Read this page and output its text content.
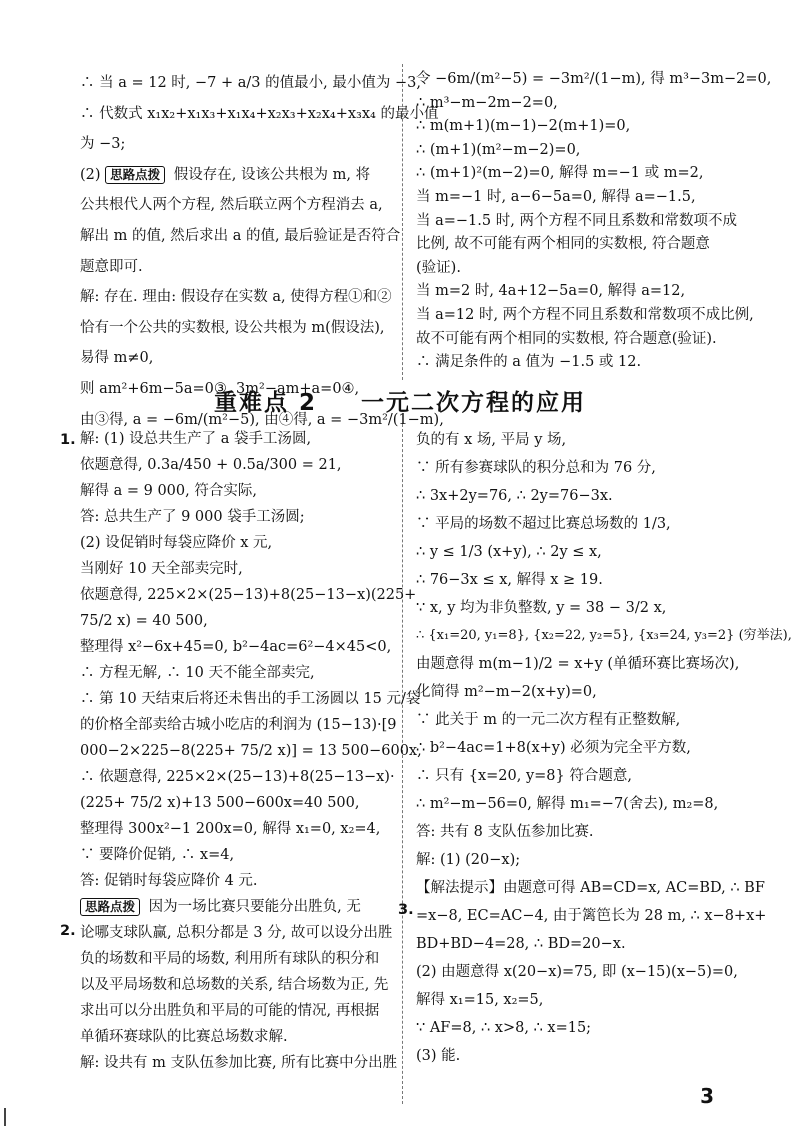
∴ 当 a = 12 时, −7 + a/3 的值最小, 最小值为 −3,
∴ 代数式 x₁x₂+x₁x₃+x₁x₄+x₂x₃+x₂x₄+x₃x₄ 的最小值
为 −3;
(2) 思路点拨 假设存在, 设该公共根为 m, 将
公共根代人两个方程, 然后联立两个方程消去 a,
解出 m 的值, 然后求出 a 的值, 最后验证是否符合
题意即可.
解: 存在. 理由: 假设存在实数 a, 使得方程①和②
恰有一个公共的实数根, 设公共根为 m(假设法),
易得 m≠0,
则 am²+6m−5a=0③, 3m²−am+a=0④,
由③得, a = −6m/(m²−5), 由④得, a = −3m²/(1−m),
令 −6m/(m²−5) = −3m²/(1−m), 得 m³−3m−2=0,
∴ m³−m−2m−2=0,
∴ m(m+1)(m−1)−2(m+1)=0,
∴ (m+1)(m²−m−2)=0,
∴ (m+1)²(m−2)=0, 解得 m=−1 或 m=2,
当 m=−1 时, a−6−5a=0, 解得 a=−1.5,
当 a=−1.5 时, 两个方程不同且系数和常数项不成
比例, 故不可能有两个相同的实数根, 符合题意
(验证).
当 m=2 时, 4a+12−5a=0, 解得 a=12,
当 a=12 时, 两个方程不同且系数和常数项不成比例,
故不可能有两个相同的实数根, 符合题意(验证).
∴ 满足条件的 a 值为 −1.5 或 12.
重难点 2 一元二次方程的应用
1.
2.
3.
解: (1) 设总共生产了 a 袋手工汤圆,
依题意得, 0.3a/450 + 0.5a/300 = 21,
解得 a = 9 000, 符合实际,
答: 总共生产了 9 000 袋手工汤圆;
(2) 设促销时每袋应降价 x 元,
当刚好 10 天全部卖完时,
依题意得, 225×2×(25−13)+8(25−13−x)(225+
75/2 x) = 40 500,
整理得 x²−6x+45=0, b²−4ac=6²−4×45<0,
∴ 方程无解, ∴ 10 天不能全部卖完,
∴ 第 10 天结束后将还未售出的手工汤圆以 15 元/袋
的价格全部卖给古城小吃店的利润为 (15−13)·[9
000−2×225−8(225+ 75/2 x)] = 13 500−600x,
∴ 依题意得, 225×2×(25−13)+8(25−13−x)·
(225+ 75/2 x)+13 500−600x=40 500,
整理得 300x²−1 200x=0, 解得 x₁=0, x₂=4,
∵ 要降价促销, ∴ x=4,
答: 促销时每袋应降价 4 元.
思路点拨 因为一场比赛只要能分出胜负, 无
论哪支球队赢, 总积分都是 3 分, 故可以设分出胜
负的场数和平局的场数, 利用所有球队的积分和
以及平局场数和总场数的关系, 结合场数为正, 先
求出可以分出胜负和平局的可能的情况, 再根据
单循环赛球队的比赛总场数求解.
解: 设共有 m 支队伍参加比赛, 所有比赛中分出胜
负的有 x 场, 平局 y 场,
∵ 所有参赛球队的积分总和为 76 分,
∴ 3x+2y=76, ∴ 2y=76−3x.
∵ 平局的场数不超过比赛总场数的 1/3,
∴ y ≤ 1/3 (x+y), ∴ 2y ≤ x,
∴ 76−3x ≤ x, 解得 x ≥ 19.
∵ x, y 均为非负整数, y = 38 − 3/2 x,
∴ {x₁=20, y₁=8}, {x₂=22, y₂=5}, {x₃=24, y₃=2} (穷举法),
由题意得 m(m−1)/2 = x+y (单循环赛比赛场次),
化简得 m²−m−2(x+y)=0,
∵ 此关于 m 的一元二次方程有正整数解,
∴ b²−4ac=1+8(x+y) 必须为完全平方数,
∴ 只有 {x=20, y=8} 符合题意,
∴ m²−m−56=0, 解得 m₁=−7(舍去), m₂=8,
答: 共有 8 支队伍参加比赛.
解: (1) (20−x);
【解法提示】由题意可得 AB=CD=x, AC=BD, ∴ BF
=x−8, EC=AC−4, 由于篱笆长为 28 m, ∴ x−8+x+
BD+BD−4=28, ∴ BD=20−x.
(2) 由题意得 x(20−x)=75, 即 (x−15)(x−5)=0,
解得 x₁=15, x₂=5,
∵ AF=8, ∴ x>8, ∴ x=15;
(3) 能.
3
